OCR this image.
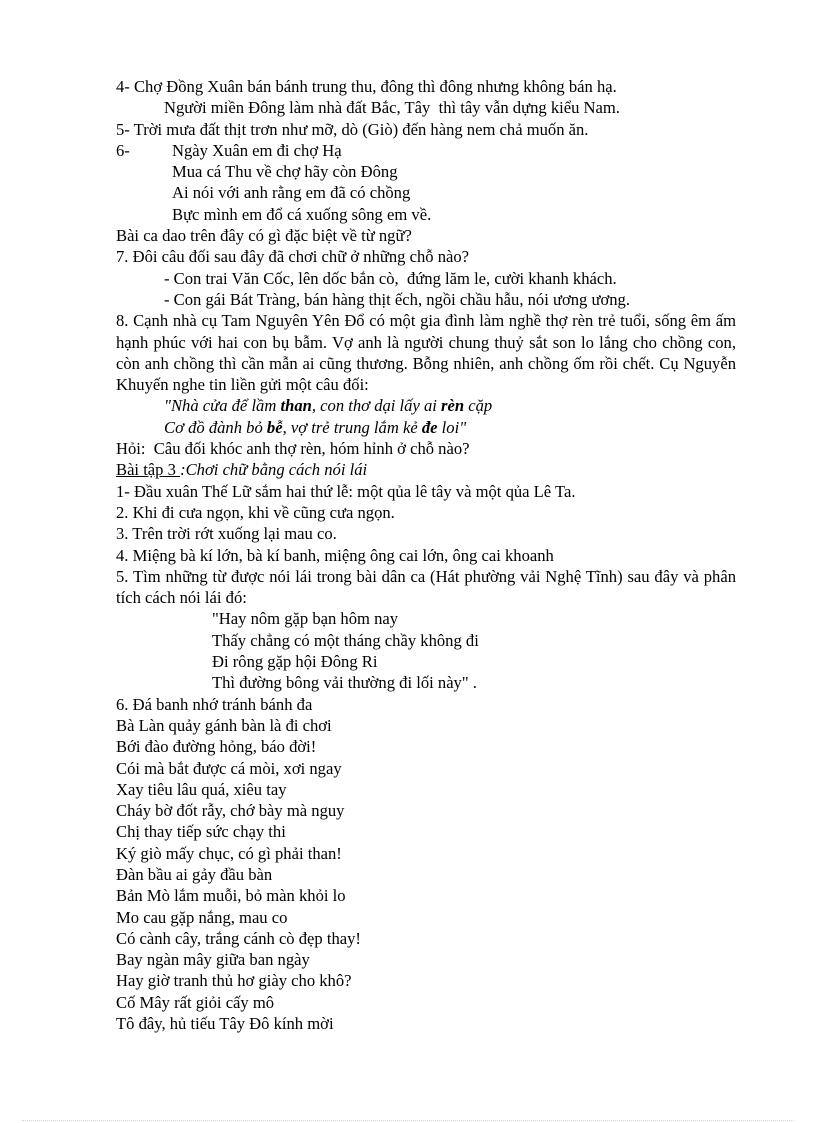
4- Chợ Đồng Xuân bán bánh trung thu, đông thì đông nhưng không bán hạ.
Người miền Đông làm nhà đất Bắc, Tây  thì tây vẫn dựng kiểu Nam.
5- Trời mưa đất thịt trơn như mỡ, dò (Giò) đến hàng nem chả muốn ăn.
6-	Ngày Xuân em đi chợ Hạ
Mua cá Thu về chợ hãy còn Đông
Ai nói với anh rằng em đã có chồng
Bực mình em đổ cá xuống sông em về.
Bài ca dao trên đây có gì đặc biệt về từ ngữ?
7. Đôi câu đối sau đây đã chơi chữ ở những chỗ nào?
- Con trai Văn Cốc, lên dốc bắn cò,  đứng lăm le, cười khanh khách.
- Con gái Bát Tràng, bán hàng thịt ếch, ngồi chầu hẫu, nói ương ương.
8. Cạnh nhà cụ Tam Nguyên Yên Đổ có một gia đình làm nghề thợ rèn trẻ tuổi, sống êm ấm hạnh phúc với hai con bụ bẫm. Vợ anh là người chung thuỷ sắt son lo lắng cho chồng con, còn anh chồng thì cần mẫn ai cũng thương. Bỗng nhiên, anh chồng ốm rồi chết. Cụ Nguyễn Khuyến nghe tin liền gửi một câu đối:
"Nhà cửa để lầm than, con thơ dại lấy ai rèn cặp
Cơ đồ đành bỏ bễ, vợ trẻ trung lắm kẻ đe loi"
Hỏi:  Câu đối khóc anh thợ rèn, hóm hỉnh ở chỗ nào?
Bài tập 3 :Chơi chữ bằng cách nói lái
1- Đầu xuân Thế Lữ sắm hai thứ lễ: một qủa lê tây và một qủa Lê Ta.
2. Khi đi cưa ngọn, khi về cũng cưa ngọn.
3. Trên trời rớt xuống lại mau co.
4. Miệng bà kí lớn, bà kí banh, miệng ông cai lớn, ông cai khoanh
5. Tìm những từ được nói lái trong bài dân ca (Hát phường vải Nghệ Tĩnh) sau đây và phân tích cách nói lái đó:
"Hay nôm gặp bạn hôm nay
Thấy chẳng có một tháng chầy không đi
Đi rông gặp hội Đông Ri
Thì đường bông vải thường đi lối này" .
6. Đá banh nhớ tránh bánh đa
Bà Làn quảy gánh bàn là đi chơi
Bới đào đường hỏng, báo đời!
Cói mà bắt được cá mòi, xơi ngay
Xay tiêu lâu quá, xiêu tay
Cháy bờ đốt rẫy, chớ bày mà nguy
Chị thay tiếp sức chạy thi
Ký giò mấy chục, có gì phải than!
Đàn bầu ai gảy đầu bàn
Bản Mò lắm muỗi, bỏ màn khỏi lo
Mo cau gặp nắng, mau co
Có cành cây, trắng cánh cò đẹp thay!
Bay ngàn mây giữa ban ngày
Hay giờ tranh thủ hơ giày cho khô?
Cố Mây rất giỏi cấy mô
Tô đây, hủ tiếu Tây Đô kính mời
